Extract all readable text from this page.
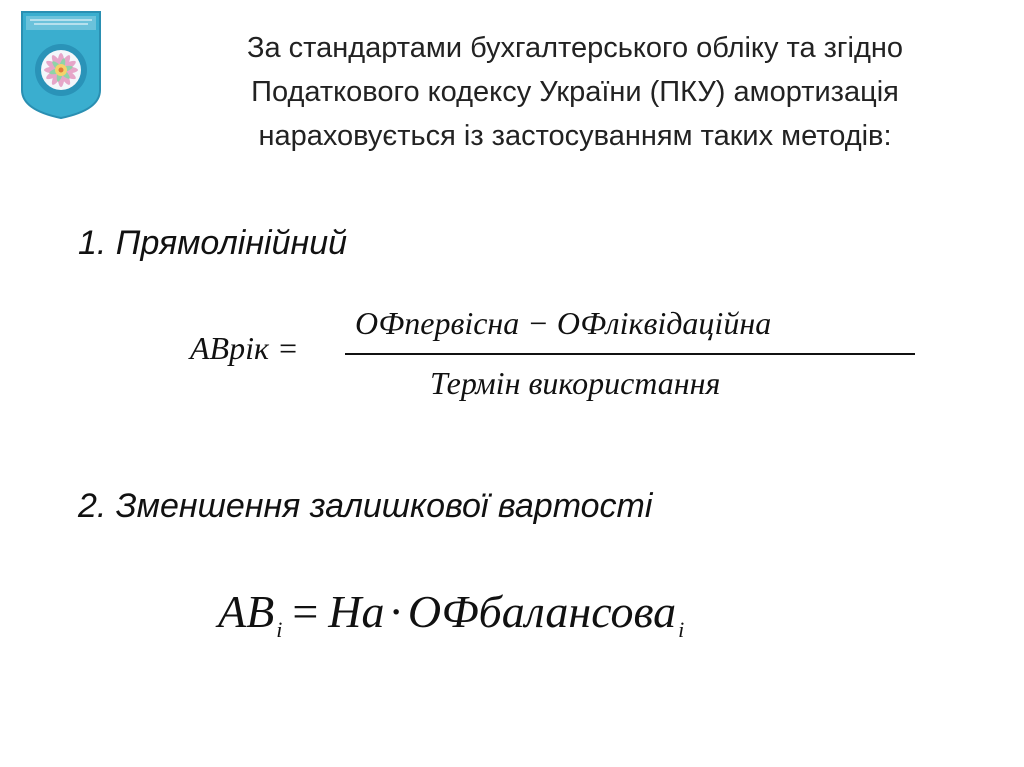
За стандартами бухгалтерського обліку та згідно
Податкового кодексу України (ПКУ) амортизація
нараховується із застосуванням таких методів:
1. Прямолінійний
АВрік =
ОФпервісна − ОФліквідаційна
Термін використання
2. Зменшення залишкової вартості
$АВ_i$ = На·ОФбалансова$_i$
